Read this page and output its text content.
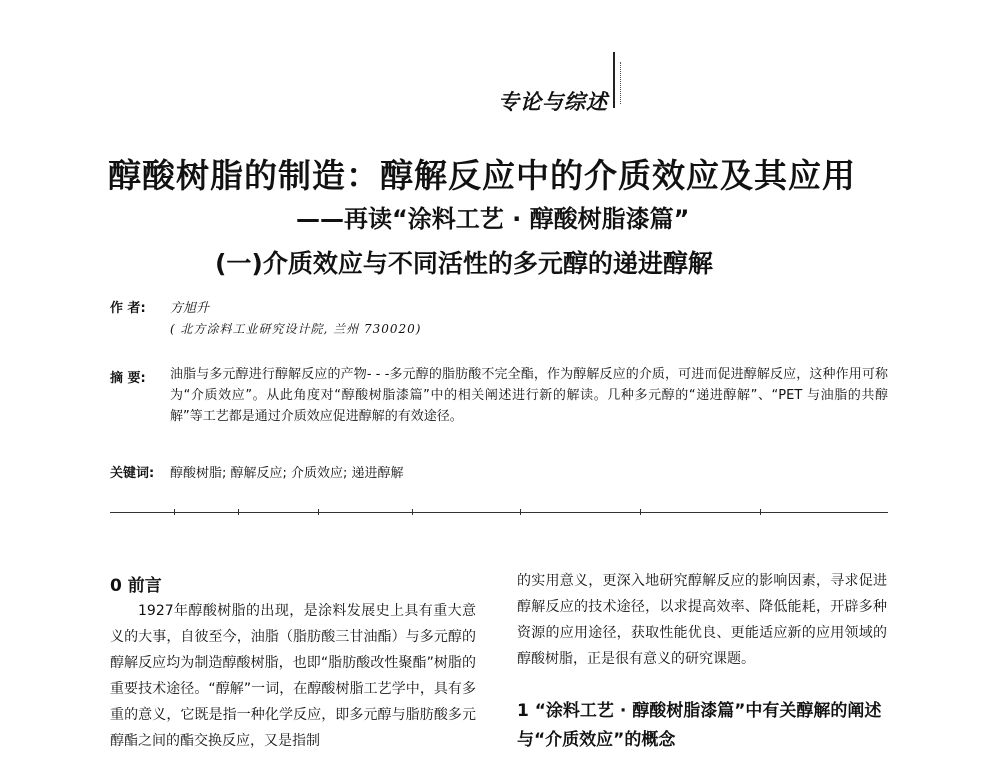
专论与综述
醇酸树脂的制造：醇解反应中的介质效应及其应用
——再读“涂料工艺 · 醇酸树脂漆篇”
(一)介质效应与不同活性的多元醇的递进醇解
作 者: 方旭升
( 北方涂料工业研究设计院, 兰州 730020)
摘 要: 油脂与多元醇进行醇解反应的产物- - -多元醇的脂肪酸不完全酯，作为醇解反应的介质，可进而促进醇解反应，这种作用可称为“介质效应”。从此角度对“醇酸树脂漆篇”中的相关阐述进行新的解读。几种多元醇的“递进醇解”、“PET 与油脂的共醇解”等工艺都是通过介质效应促进醇解的有效途径。
关键词: 醇酸树脂; 醇解反应; 介质效应; 递进醇解
0 前言
1927年醇酸树脂的出现，是涂料发展史上具有重大意义的大事，自彼至今，油脂（脂肪酸三甘油酯）与多元醇的醇解反应均为制造醇酸树脂，也即“脂肪酸改性聚酯”树脂的重要技术途径。“醇解”一词，在醇酸树脂工艺学中，具有多重的意义，它既是指一种化学反应，即多元醇与脂肪酸多元醇酯之间的酯交换反应，又是指制
的实用意义，更深入地研究醇解反应的影响因素，寻求促进醇解反应的技术途径，以求提高效率、降低能耗，开辟多种资源的应用途径，获取性能优良、更能适应新的应用领域的醇酸树脂，正是很有意义的研究课题。
1 “涂料工艺 · 醇酸树脂漆篇”中有关醇解的阐述与“介质效应”的概念
